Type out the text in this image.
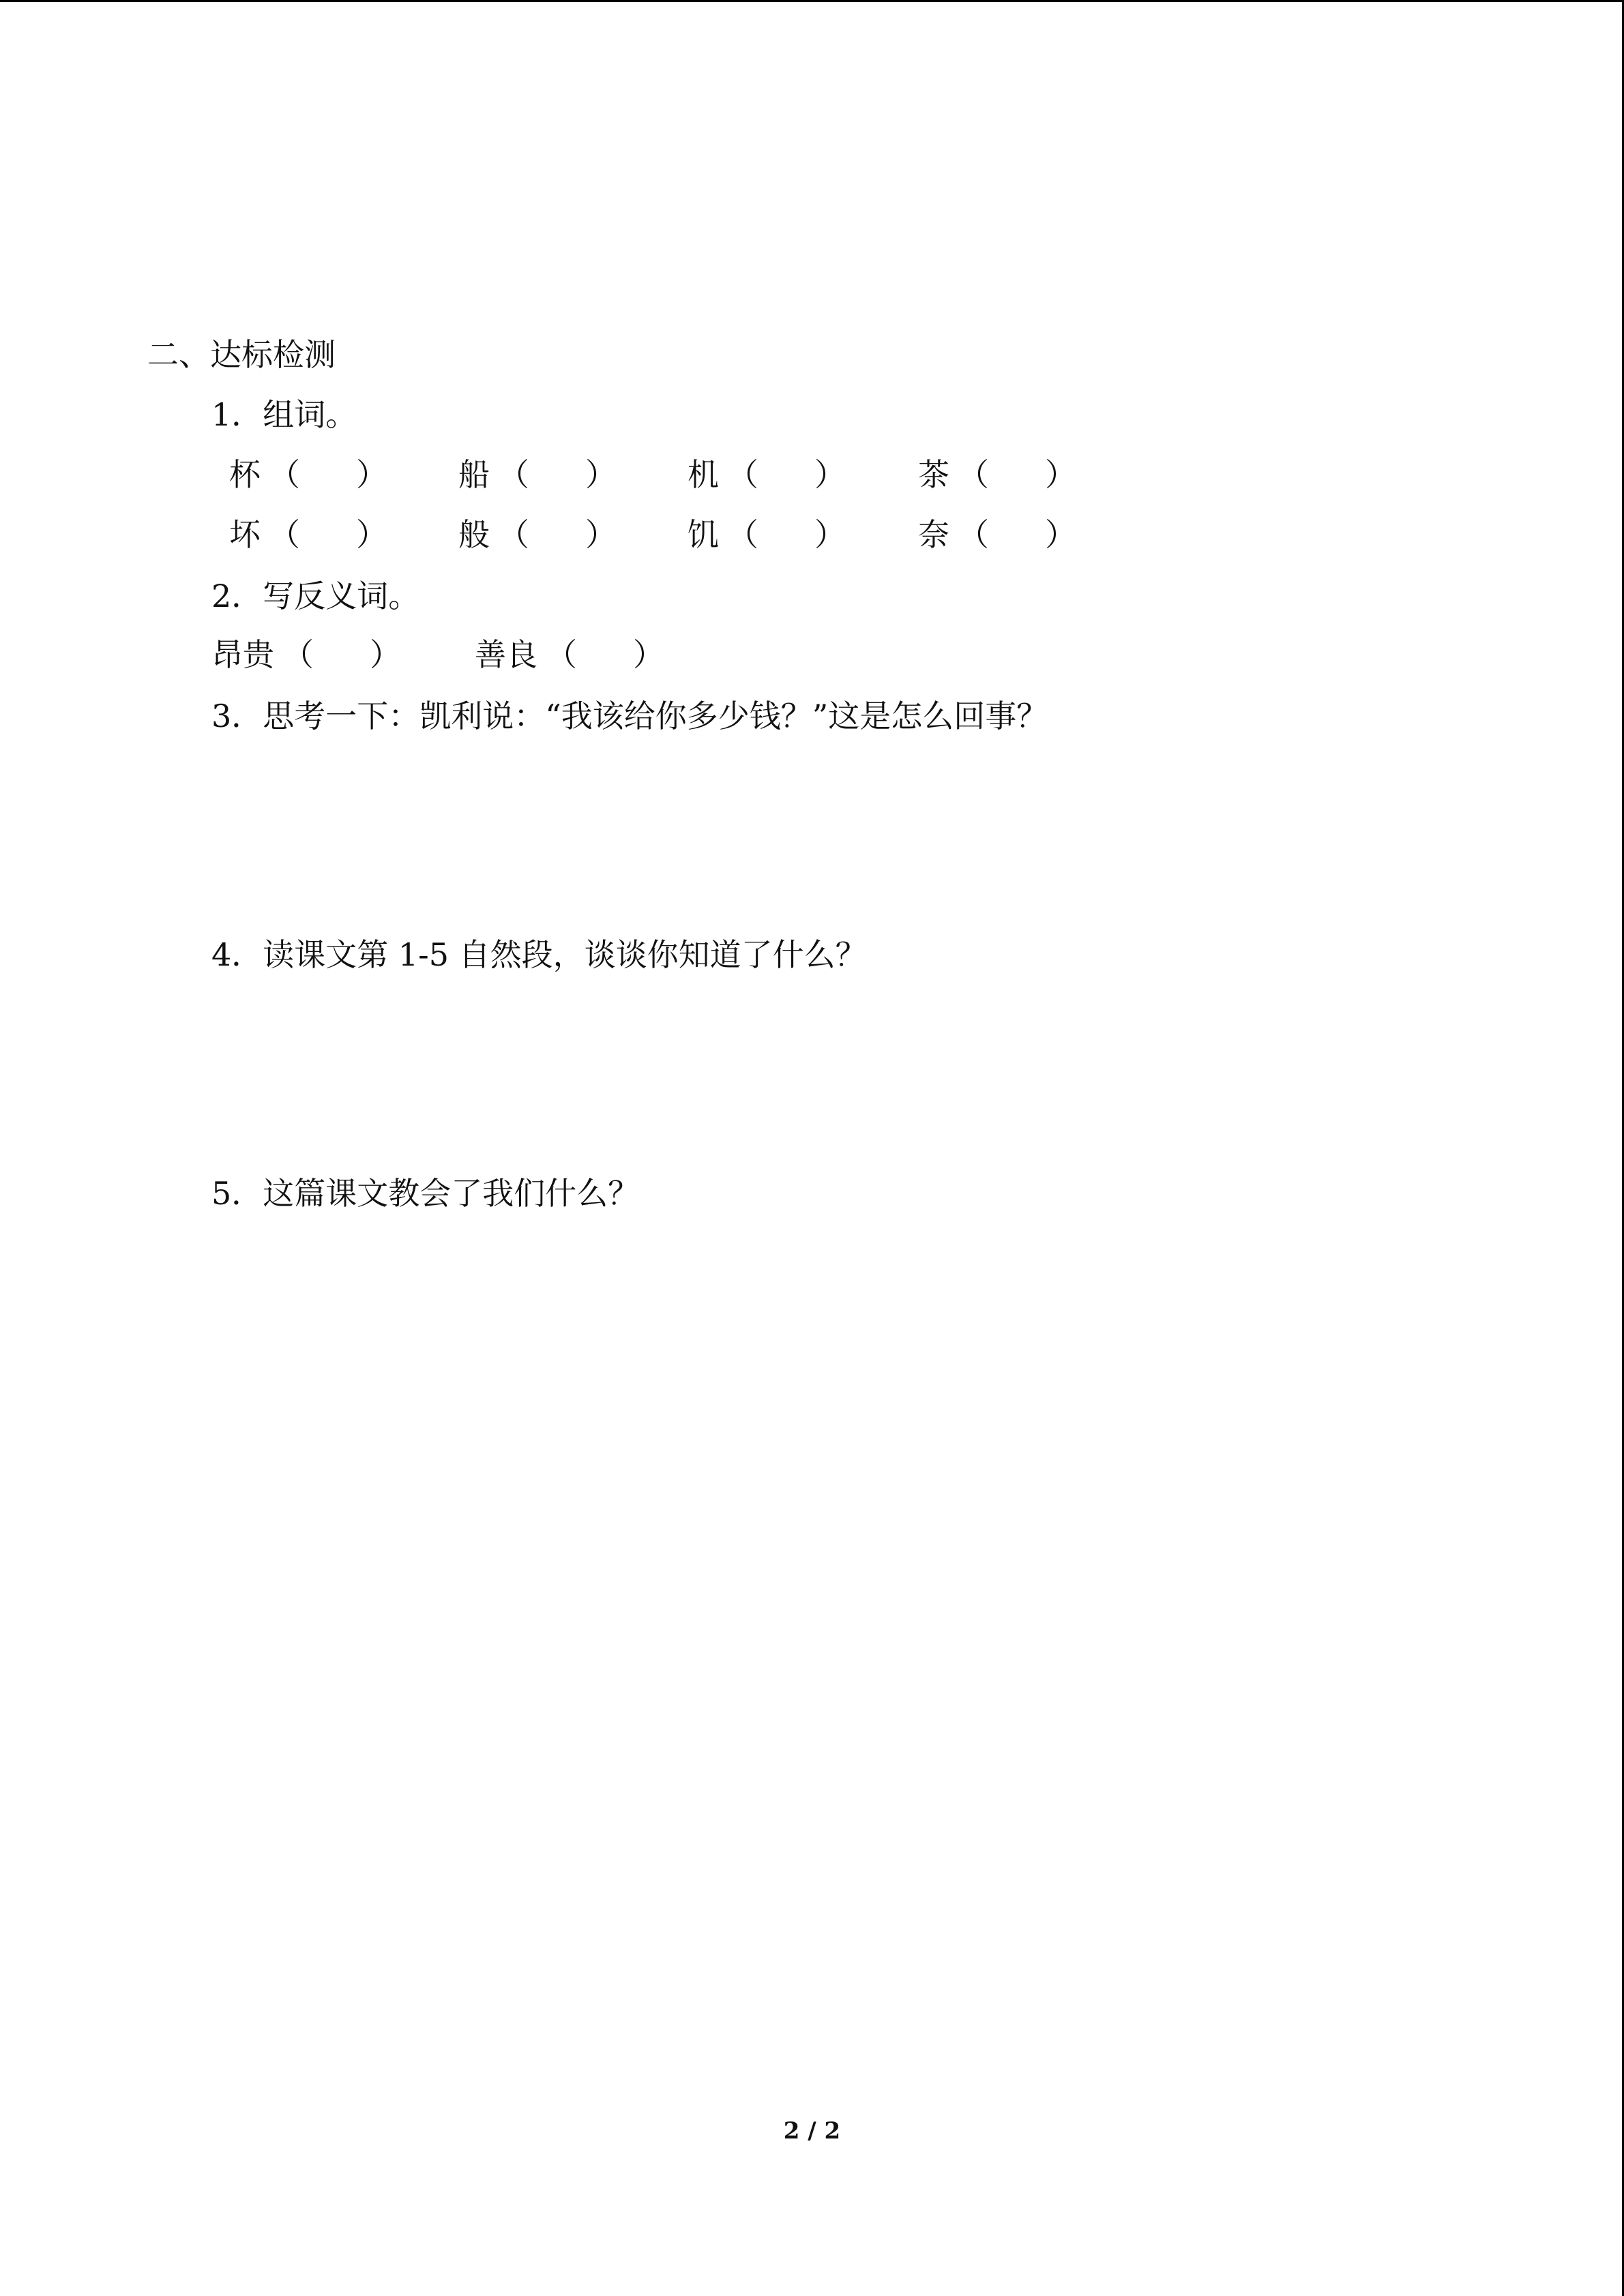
二、达标检测
1．组词。
杯 （ ） 船 （ ） 机 （ ） 茶 （ ）
坏 （ ） 般 （ ） 饥 （ ） 奈 （ ）
2．写反义词。
昂贵 （ ） 善良 （ ）
3．思考一下：凯利说：“我该给你多少钱？”这是怎么回事？
4．读课文第 1-5 自然段，谈谈你知道了什么？
5．这篇课文教会了我们什么？
2 / 2
